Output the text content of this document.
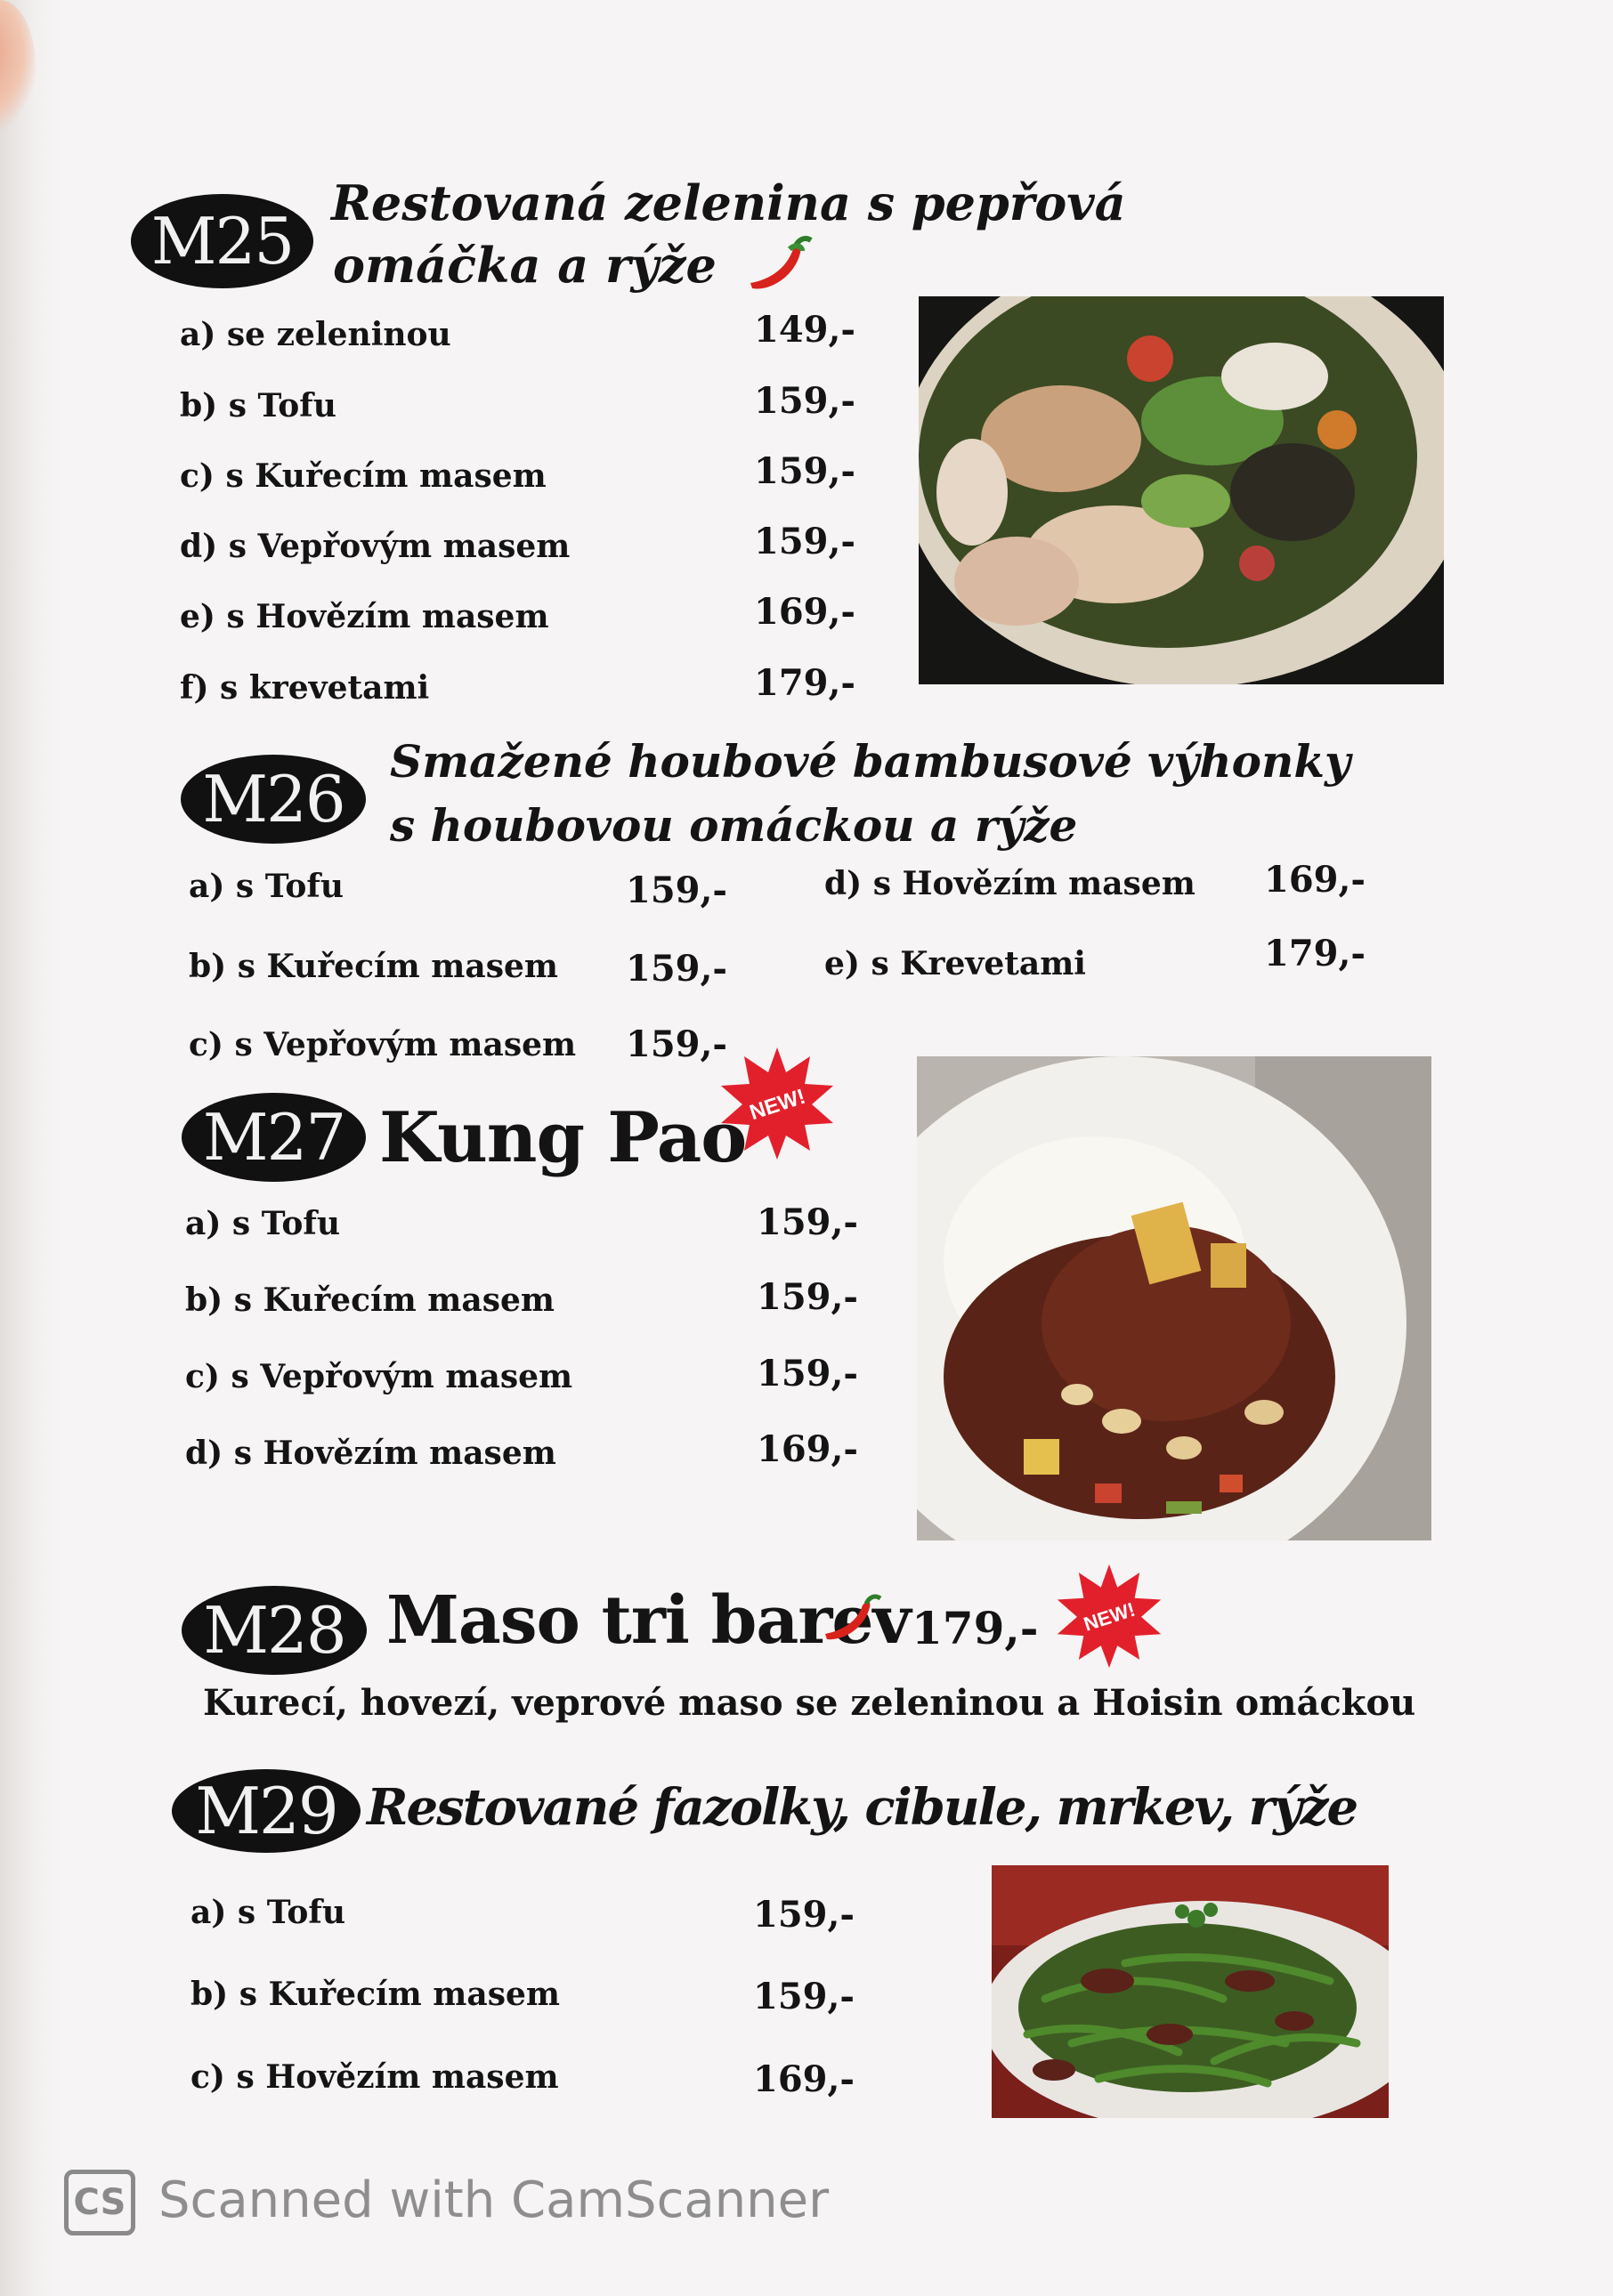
M25
Restovaná zelenina s pepřová
omáčka a rýže
a) se zeleninou	149,-
b) s Tofu	159,-
c) s Kuřecím masem	159,-
d) s Vepřovým masem	159,-
e) s Hovězím masem	169,-
f) s krevetami	179,-
M26
Smažené houbové bambusové výhonky
s houbovou omáckou a rýže
a) s Tofu	159,-
b) s Kuřecím masem 159,-
c) s Vepřovým masem 159,-
d) s Hovězím masem 169,-
e) s Krevetami	179,-
M27 Kung Pao NEW!
a) s Tofu	159,-
b) s Kuřecím masem	159,-
c) s Vepřovým masem	159,-
d) s Hovězím masem	169,-
M28 Maso tri barev 179,- NEW!
Kurecí, hovezí, veprové maso se zeleninou a Hoisin omáckou
M29 Restované fazolky, cibule, mrkev, rýže
a) s Tofu	159,-
b) s Kuřecím masem	159,-
c) s Hovězím masem	169,-
CS Scanned with CamScanner
